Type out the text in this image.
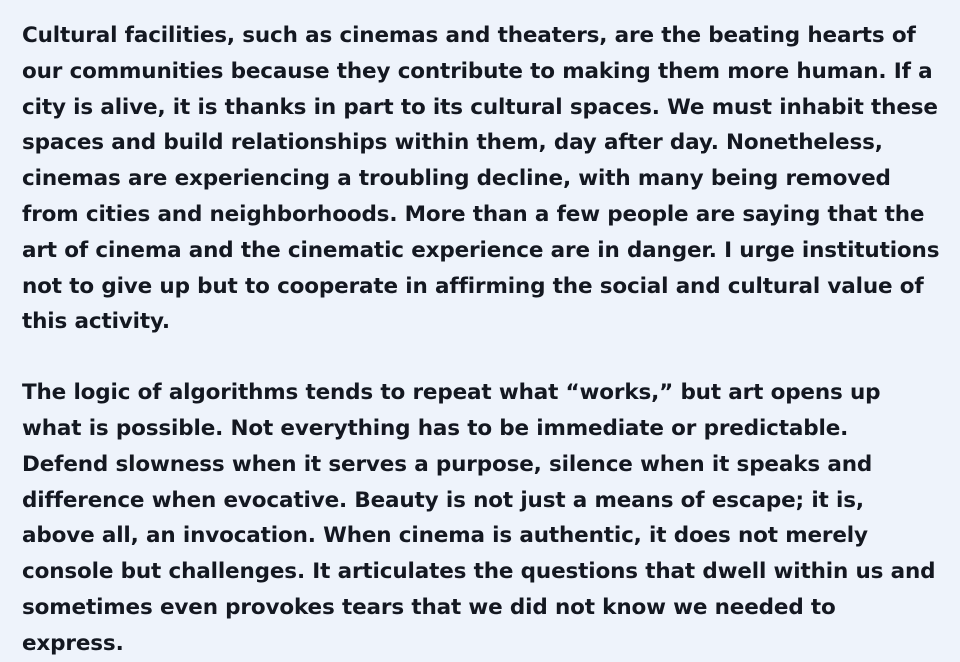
Cultural facilities, such as cinemas and theaters, are the beating hearts of our communities because they contribute to making them more human. If a city is alive, it is thanks in part to its cultural spaces. We must inhabit these spaces and build relationships within them, day after day. Nonetheless, cinemas are experiencing a troubling decline, with many being removed from cities and neighborhoods. More than a few people are saying that the art of cinema and the cinematic experience are in danger. I urge institutions not to give up but to cooperate in affirming the social and cultural value of this activity.

The logic of algorithms tends to repeat what “works,” but art opens up what is possible. Not everything has to be immediate or predictable. Defend slowness when it serves a purpose, silence when it speaks and difference when evocative. Beauty is not just a means of escape; it is, above all, an invocation. When cinema is authentic, it does not merely console but challenges. It articulates the questions that dwell within us and sometimes even provokes tears that we did not know we needed to express.
